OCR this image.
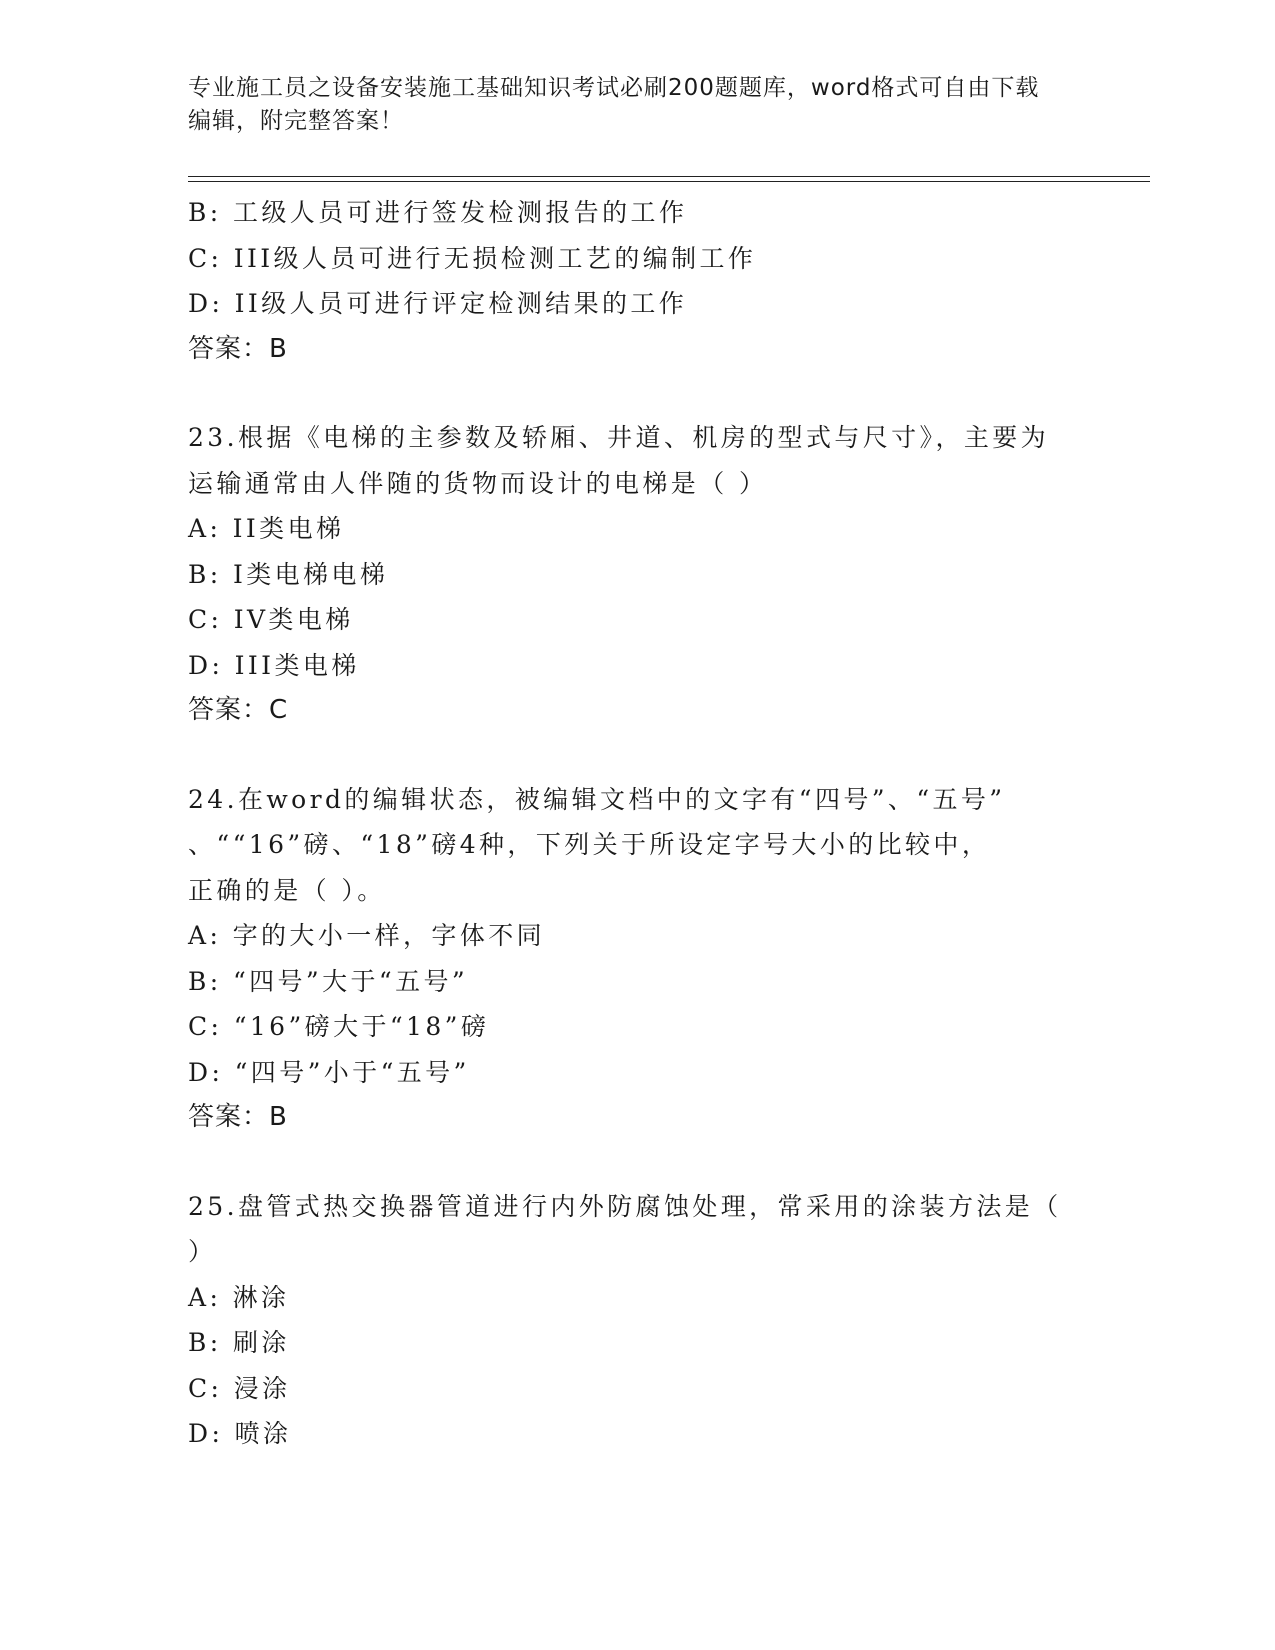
专业施工员之设备安装施工基础知识考试必刷200题题库，word格式可自由下载
编辑，附完整答案！
B: 工级人员可进行签发检测报告的工作
C: III级人员可进行无损检测工艺的编制工作
D: II级人员可进行评定检测结果的工作
答案：B
23.根据《电梯的主参数及轿厢、井道、机房的型式与尺寸》，主要为
运输通常由人伴随的货物而设计的电梯是（ ）
A: II类电梯
B: I类电梯电梯
C: IV类电梯
D: III类电梯
答案：C
24.在word的编辑状态，被编辑文档中的文字有“四号”、“五号”
、““16”磅、“18”磅4种，下列关于所设定字号大小的比较中，
正确的是（ ）。
A: 字的大小一样，字体不同
B: “四号”大于“五号”
C: “16”磅大于“18”磅
D: “四号”小于“五号”
答案：B
25.盘管式热交换器管道进行内外防腐蚀处理，常采用的涂装方法是（
）
A: 淋涂
B: 刷涂
C: 浸涂
D: 喷涂
